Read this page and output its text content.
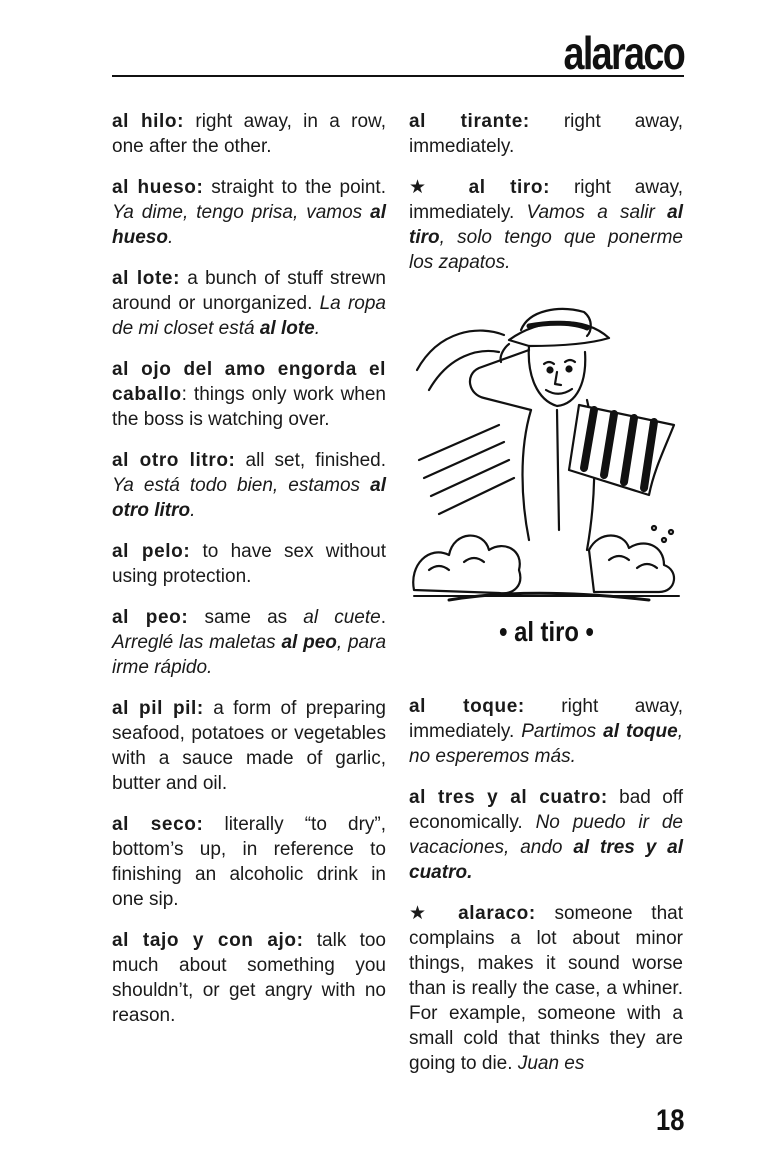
alaraco

al hilo: right away, in a row, one after the other.

al hueso: straight to the point. Ya dime, tengo prisa, vamos al hueso.

al lote: a bunch of stuff strewn around or unorganized. La ropa de mi closet está al lote.

al ojo del amo engorda el caballo: things only work when the boss is watching over.

al otro litro: all set, finished. Ya está todo bien, estamos al otro litro.

al pelo: to have sex without using protection.

al peo: same as al cuete. Arreglé las maletas al peo, para irme rápido.

al pil pil: a form of preparing seafood, potatoes or vegetables with a sauce made of garlic, butter and oil.

al seco: literally “to dry”, bottom’s up, in reference to finishing an alcoholic drink in one sip.

al tajo y con ajo: talk too much about something you shouldn’t, or get angry with no reason.

al tirante: right away, immediately.

★ al tiro: right away, immediately. Vamos a salir al tiro, solo tengo que ponerme los zapatos.

• al tiro •

al toque: right away, immediately. Partimos al toque, no esperemos más.

al tres y al cuatro: bad off economically. No puedo ir de vacaciones, ando al tres y al cuatro.

★ alaraco: someone that complains a lot about minor things, makes it sound worse than is really the case, a whiner. For example, someone with a small cold that thinks they are going to die. Juan es

18
